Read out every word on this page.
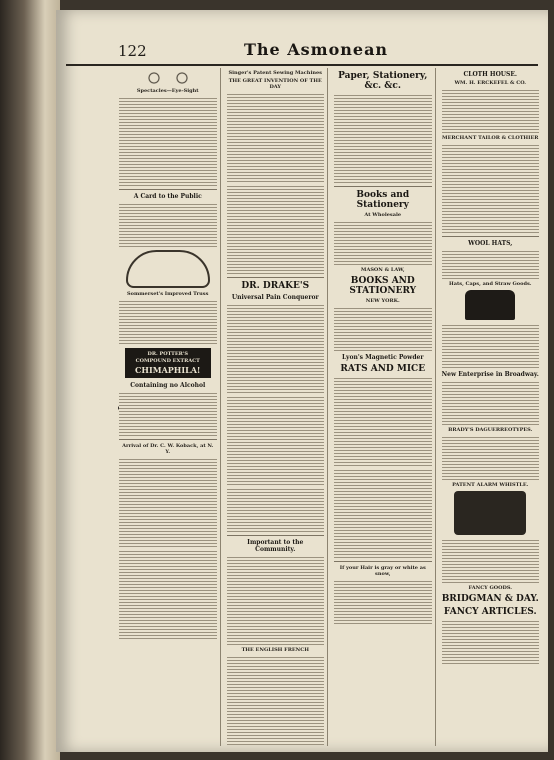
122	The Asmonean
Spectacles—Eye-Sight
A Card to the Public
Sommerset's Improved Truss
DR. POTTER'S
COMPOUND EXTRACT
CHIMAPHILA!
Containing no Alcohol
Arrival of Dr. C. W. Koback, at N. Y.
Singer's Patent Sewing Machines
THE GREAT INVENTION OF THE DAY
DR. DRAKE'S
Universal Pain Conqueror
Important to the Community.
THE ENGLISH FRENCH
Paper, Stationery, &c. &c.
Books and Stationery
At Wholesale
MASON & LAW,
BOOKS AND STATIONERY
NEW YORK.
Lyon's Magnetic Powder
RATS AND MICE
If your Hair is gray or white as snow,
CLOTH HOUSE.
WM. H. ERCKEFEL & CO.
MERCHANT TAILOR & CLOTHIER
WOOL HATS,
Hats, Caps, and Straw Goods.
New Enterprise in Broadway.
BRADY'S DAGUERREOTYPES.
PATENT ALARM WHISTLE.
FANCY GOODS.
BRIDGMAN & DAY.
FANCY ARTICLES.
